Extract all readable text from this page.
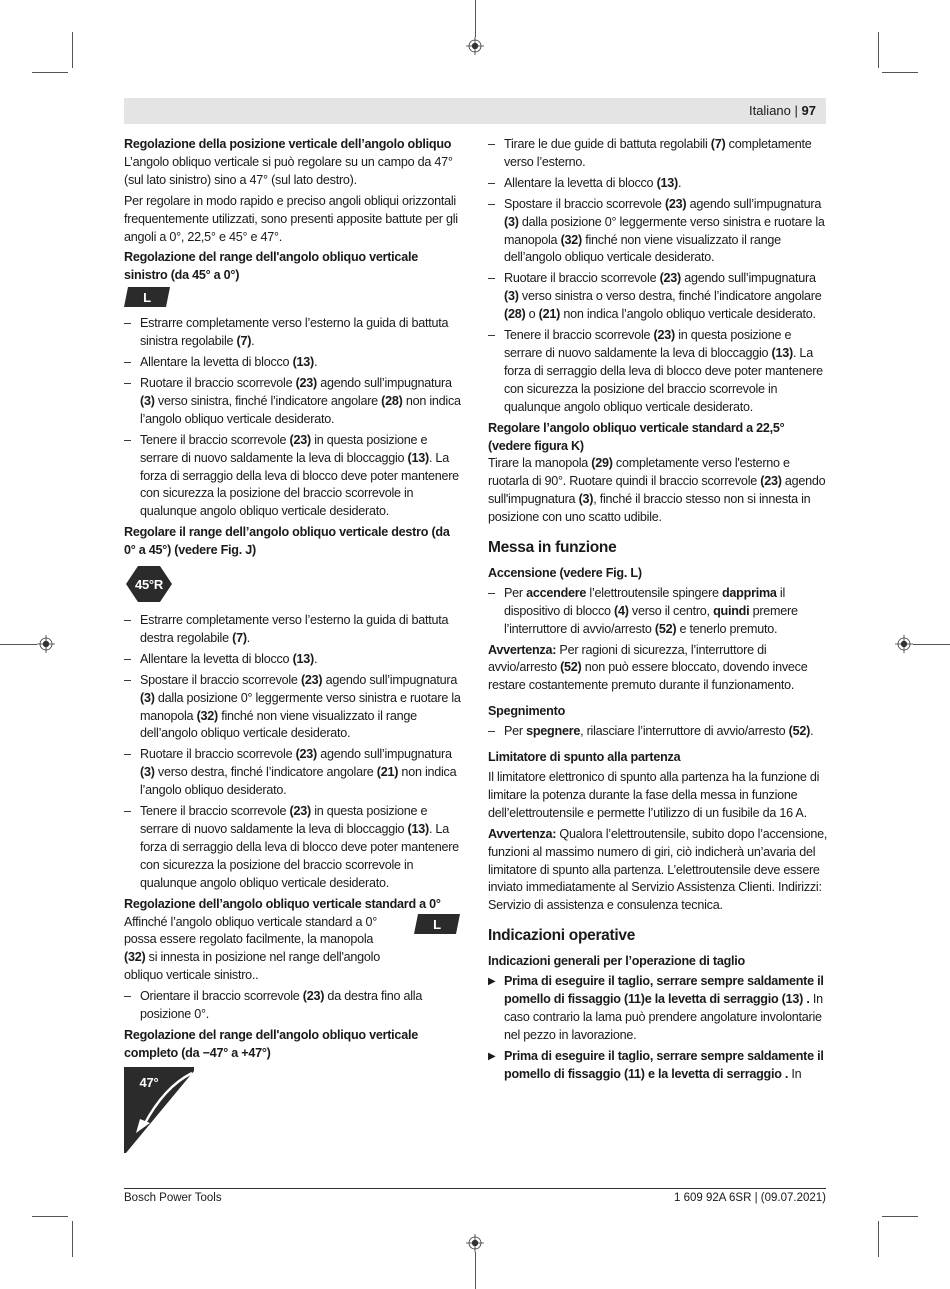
Italiano | 97

Regolazione della posizione verticale dell’angolo obliquo

L’angolo obliquo verticale si può regolare su un campo da 47° (sul lato sinistro) sino a 47° (sul lato destro).

Per regolare in modo rapido e preciso angoli obliqui orizzontali frequentemente utilizzati, sono presenti apposite battute per gli angoli a 0°, 22,5° e 45° e 47°.

Regolazione del range dell'angolo obliquo verticale sinistro (da 45° a 0°)

L
– Estrarre completamente verso l’esterno la guida di battuta sinistra regolabile (7).
– Allentare la levetta di blocco (13).
– Ruotare il braccio scorrevole (23) agendo sull’impugnatura (3) verso sinistra, finché l’indicatore angolare (28) non indica l’angolo obliquo verticale desiderato.
– Tenere il braccio scorrevole (23) in questa posizione e serrare di nuovo saldamente la leva di bloccaggio (13). La forza di serraggio della leva di blocco deve poter mantenere con sicurezza la posizione del braccio scorrevole in qualunque angolo obliquo verticale desiderato.

Regolare il range dell’angolo obliquo verticale destro (da 0° a 45°) (vedere Fig. J)

45°R
– Estrarre completamente verso l’esterno la guida di battuta destra regolabile (7).
– Allentare la levetta di blocco (13).
– Spostare il braccio scorrevole (23) agendo sull’impugnatura (3) dalla posizione 0° leggermente verso sinistra e ruotare la manopola (32) finché non viene visualizzato il range dell’angolo obliquo verticale desiderato.
– Ruotare il braccio scorrevole (23) agendo sull’impugnatura (3) verso destra, finché l’indicatore angolare (21) non indica l’angolo obliquo desiderato.
– Tenere il braccio scorrevole (23) in questa posizione e serrare di nuovo saldamente la leva di bloccaggio (13). La forza di serraggio della leva di blocco deve poter mantenere con sicurezza la posizione del braccio scorrevole in qualunque angolo obliquo verticale desiderato.

Regolazione dell’angolo obliquo verticale standard a 0°

Affinché l’angolo obliquo verticale standard a 0° possa essere regolato facilmente, la manopola (32) si innesta in posizione nel range dell'angolo obliquo verticale sinistro..

L
– Orientare il braccio scorrevole (23) da destra fino alla posizione 0°.

Regolazione del range dell'angolo obliquo verticale completo (da −47° a +47°)

47°
– Tirare le due guide di battuta regolabili (7) completamente verso l’esterno.
– Allentare la levetta di blocco (13).
– Spostare il braccio scorrevole (23) agendo sull’impugnatura (3) dalla posizione 0° leggermente verso sinistra e ruotare la manopola (32) finché non viene visualizzato il range dell’angolo obliquo verticale desiderato.
– Ruotare il braccio scorrevole (23) agendo sull’impugnatura (3) verso sinistra o verso destra, finché l’indicatore angolare (28) o (21) non indica l’angolo obliquo verticale desiderato.
– Tenere il braccio scorrevole (23) in questa posizione e serrare di nuovo saldamente la leva di bloccaggio (13). La forza di serraggio della leva di blocco deve poter mantenere con sicurezza la posizione del braccio scorrevole in qualunque angolo obliquo verticale desiderato.

Regolare l’angolo obliquo verticale standard a 22,5° (vedere figura K)

Tirare la manopola (29) completamente verso l'esterno e ruotarla di 90°. Ruotare quindi il braccio scorrevole (23) agendo sull'impugnatura (3), finché il braccio stesso non si innesta in posizione con uno scatto udibile.

Messa in funzione

Accensione (vedere Fig. L)

– Per accendere l’elettroutensile spingere dapprima il dispositivo di blocco (4) verso il centro, quindi premere l’interruttore di avvio/arresto (52) e tenerlo premuto.

Avvertenza: Per ragioni di sicurezza, l’interruttore di avvio/arresto (52) non può essere bloccato, dovendo invece restare costantemente premuto durante il funzionamento.

Spegnimento

– Per spegnere, rilasciare l’interruttore di avvio/arresto (52).

Limitatore di spunto alla partenza

Il limitatore elettronico di spunto alla partenza ha la funzione di limitare la potenza durante la fase della messa in funzione dell’elettroutensile e permette l’utilizzo di un fusibile da 16 A.

Avvertenza: Qualora l’elettroutensile, subito dopo l’accensione, funzioni al massimo numero di giri, ciò indicherà un’avaria del limitatore di spunto alla partenza. L’elettroutensile deve essere inviato immediatamente al Servizio Assistenza Clienti. Indirizzi: Servizio di assistenza e consulenza tecnica.

Indicazioni operative

Indicazioni generali per l’operazione di taglio

▶ Prima di eseguire il taglio, serrare sempre saldamente il pomello di fissaggio (11)e la levetta di serraggio (13) . In caso contrario la lama può prendere angolature involontarie nel pezzo in lavorazione.
▶ Prima di eseguire il taglio, serrare sempre saldamente il pomello di fissaggio (11) e la levetta di serraggio . In
Bosch Power Tools	1 609 92A 6SR | (09.07.2021)
